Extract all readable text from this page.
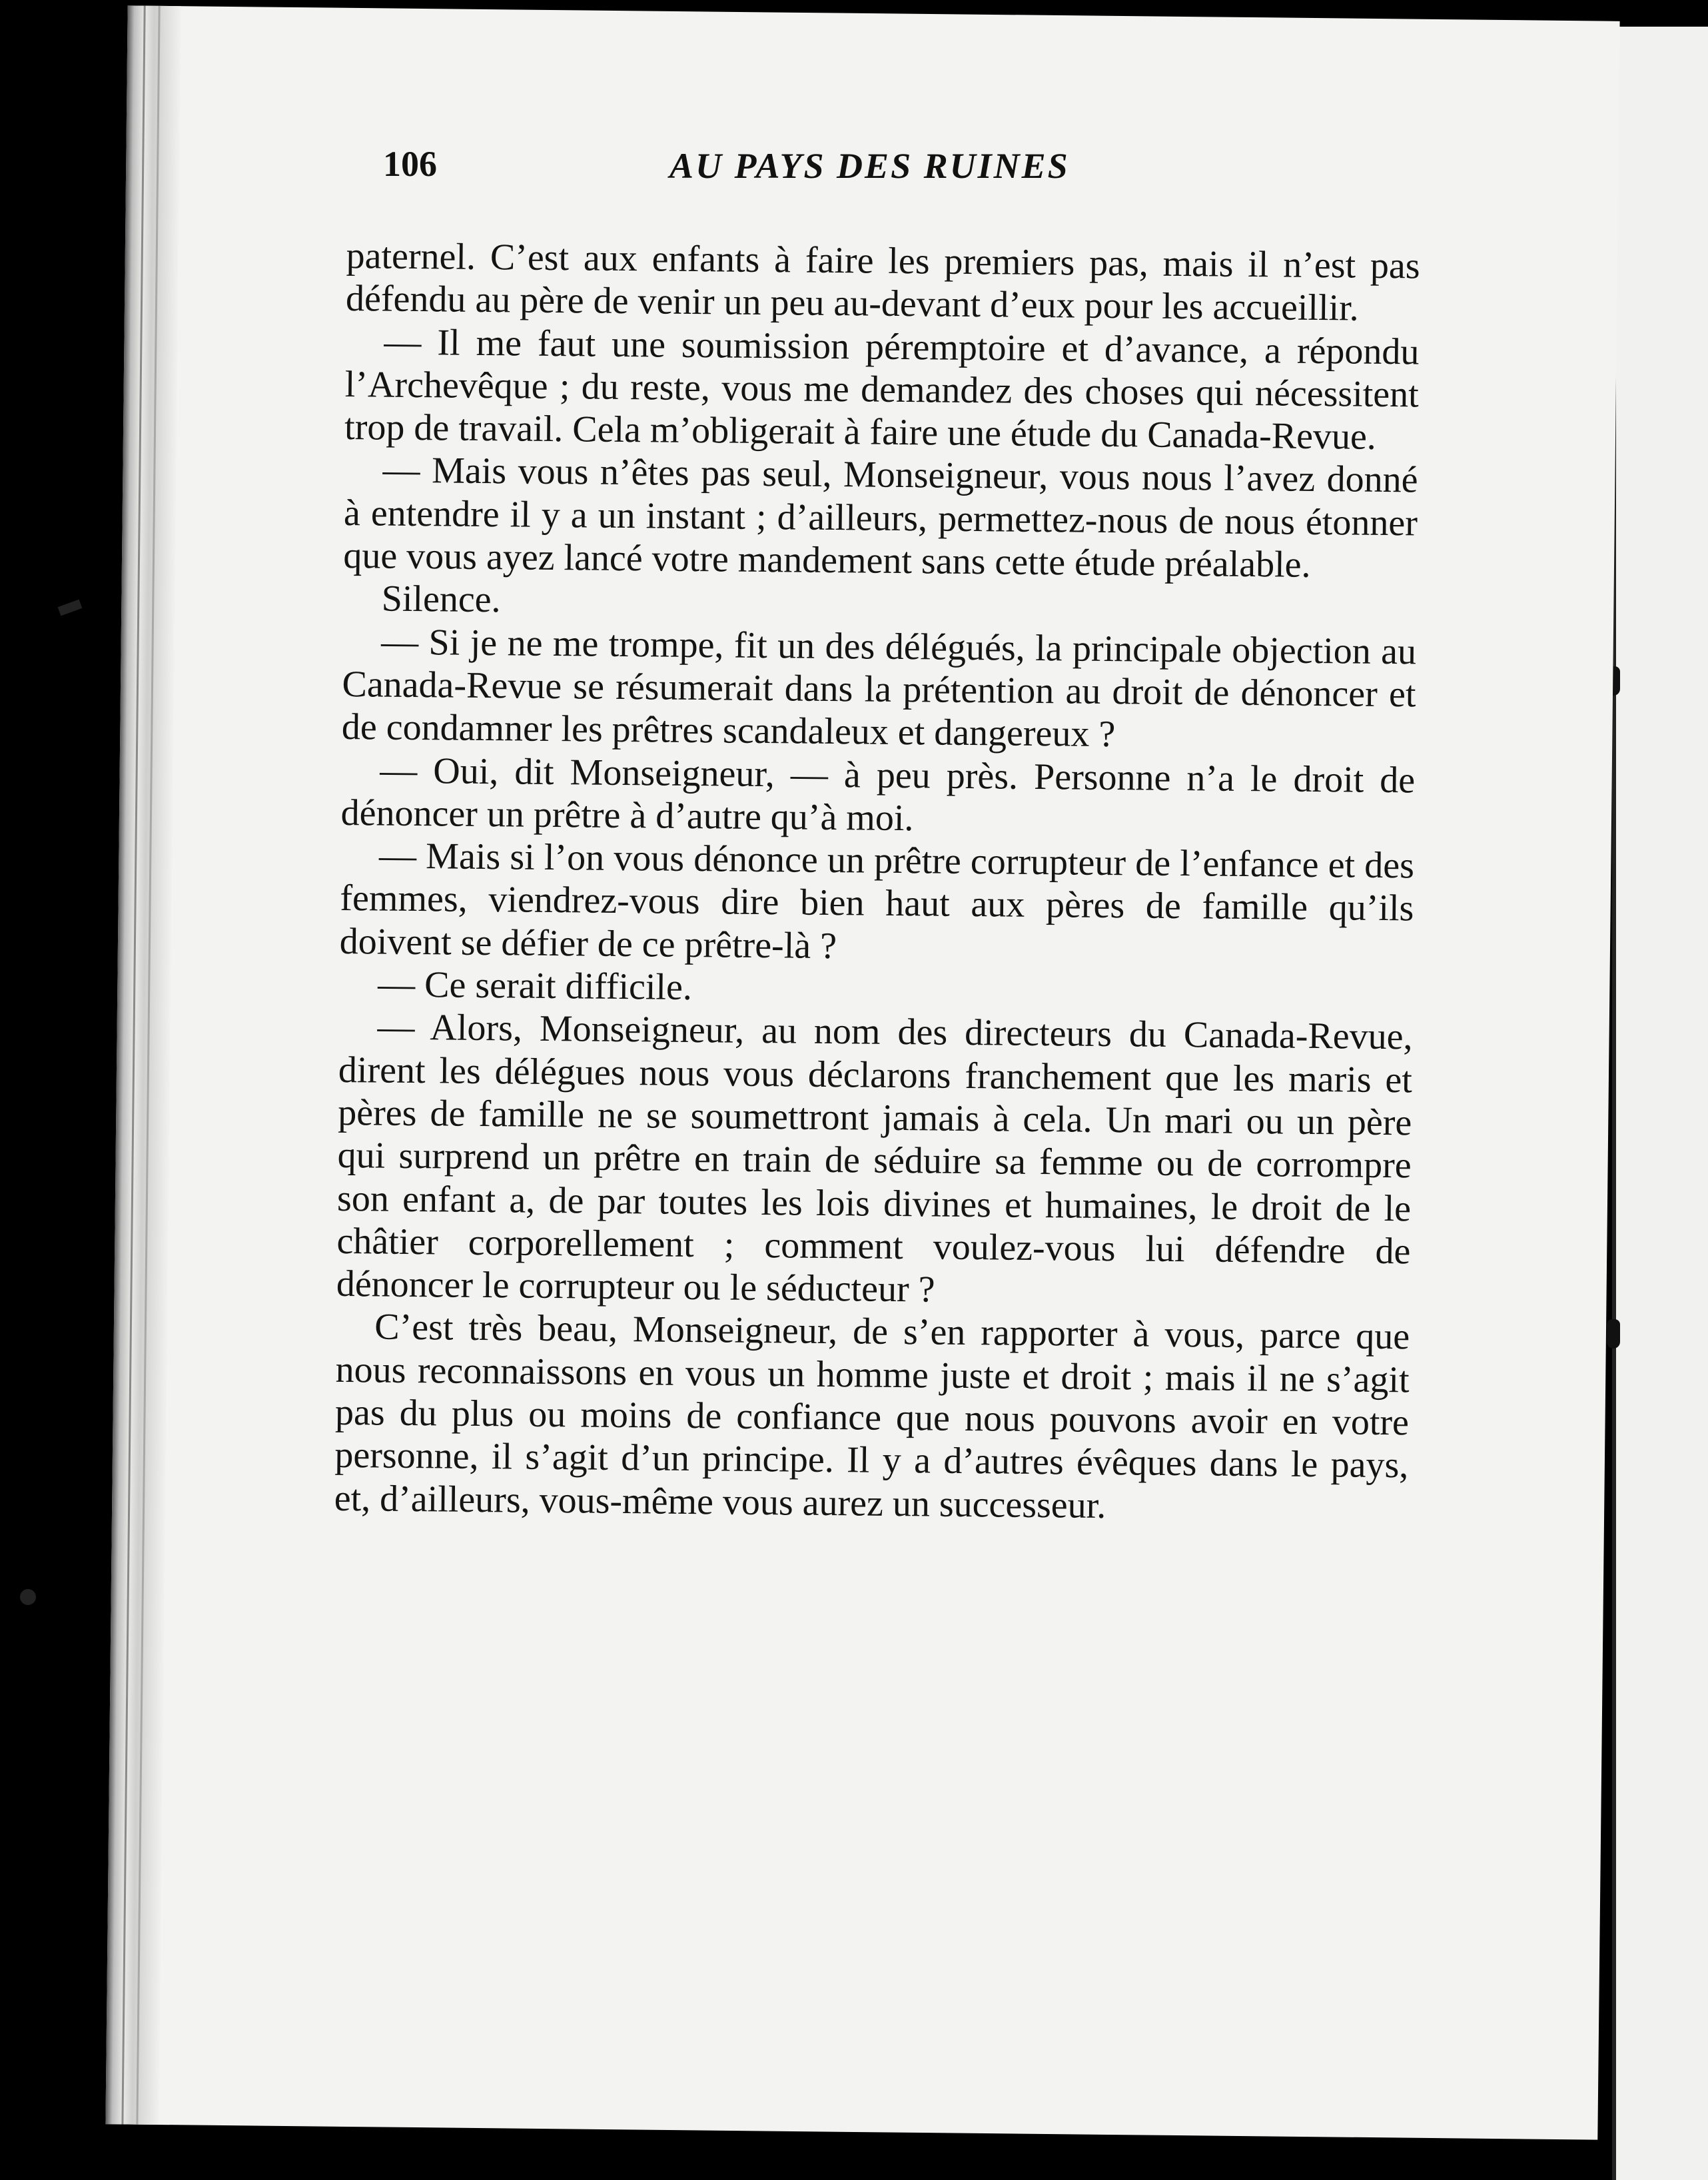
106	AU PAYS DES RUINES

paternel. C’est aux enfants à faire les premiers pas, mais il n’est pas défendu au père de venir un peu au-devant d’eux pour les accueillir.

— Il me faut une soumission péremptoire et d’avance, a répondu l’Archevêque ; du reste, vous me demandez des choses qui nécessitent trop de travail. Cela m’obligerait à faire une étude du Canada-Revue.

— Mais vous n’êtes pas seul, Monseigneur, vous nous l’avez donné à entendre il y a un instant ; d’ailleurs, permettez-nous de nous étonner que vous ayez lancé votre mandement sans cette étude préalable.

Silence.

— Si je ne me trompe, fit un des délégués, la principale objection au Canada-Revue se résumerait dans la prétention au droit de dénoncer et de condamner les prêtres scandaleux et dangereux ?

— Oui, dit Monseigneur, — à peu près. Personne n’a le droit de dénoncer un prêtre à d’autre qu’à moi.

— Mais si l’on vous dénonce un prêtre corrupteur de l’enfance et des femmes, viendrez-vous dire bien haut aux pères de famille qu’ils doivent se défier de ce prêtre-là ?

— Ce serait difficile.

— Alors, Monseigneur, au nom des directeurs du Canada-Revue, dirent les délégues nous vous déclarons franchement que les maris et pères de famille ne se soumettront jamais à cela. Un mari ou un père qui surprend un prêtre en train de séduire sa femme ou de corrompre son enfant a, de par toutes les lois divines et humaines, le droit de le châtier corporellement ; comment voulez-vous lui défendre de dénoncer le corrupteur ou le séducteur ?

C’est très beau, Monseigneur, de s’en rapporter à vous, parce que nous reconnaissons en vous un homme juste et droit ; mais il ne s’agit pas du plus ou moins de confiance que nous pouvons avoir en votre personne, il s’agit d’un principe. Il y a d’autres évêques dans le pays, et, d’ailleurs, vous-même vous aurez un successeur.
